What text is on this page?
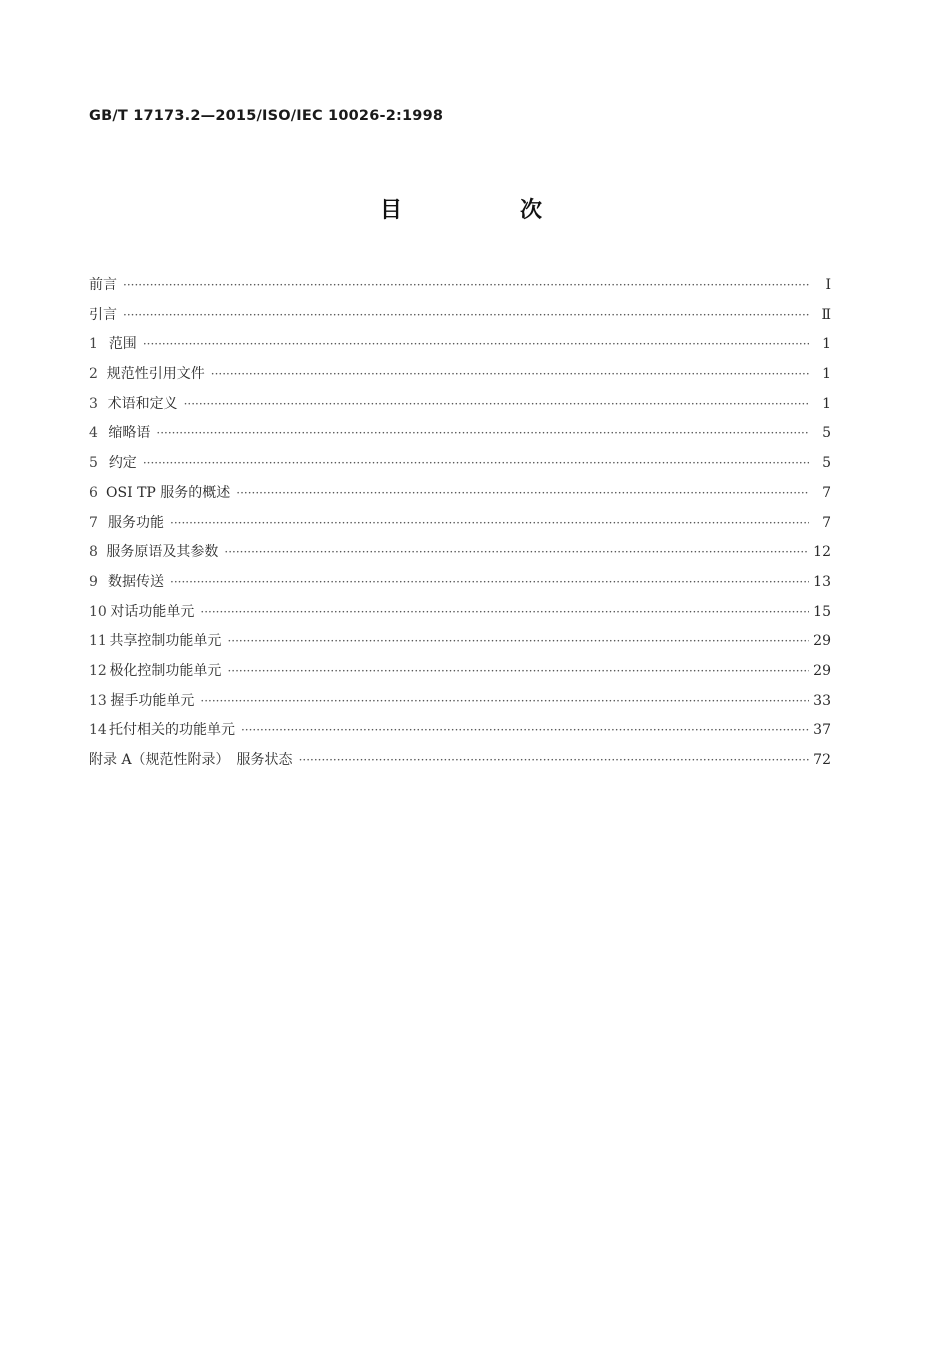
GB/T 17173.2—2015/ISO/IEC 10026-2:1998
目　次
前言 ·····	Ⅰ
引言 ·····	Ⅱ
1 范围 ·····	1
2 规范性引用文件 ·····	1
3 术语和定义 ·····	1
4 缩略语 ·····	5
5 约定 ·····	5
6 OSI TP 服务的概述 ·····	7
7 服务功能 ·····	7
8 服务原语及其参数 ·····	12
9 数据传送 ·····	13
10 对话功能单元 ·····	15
11 共享控制功能单元 ·····	29
12 极化控制功能单元 ·····	29
13 握手功能单元 ·····	33
14 托付相关的功能单元 ·····	37
附录 A（规范性附录）　服务状态 ·····	72
